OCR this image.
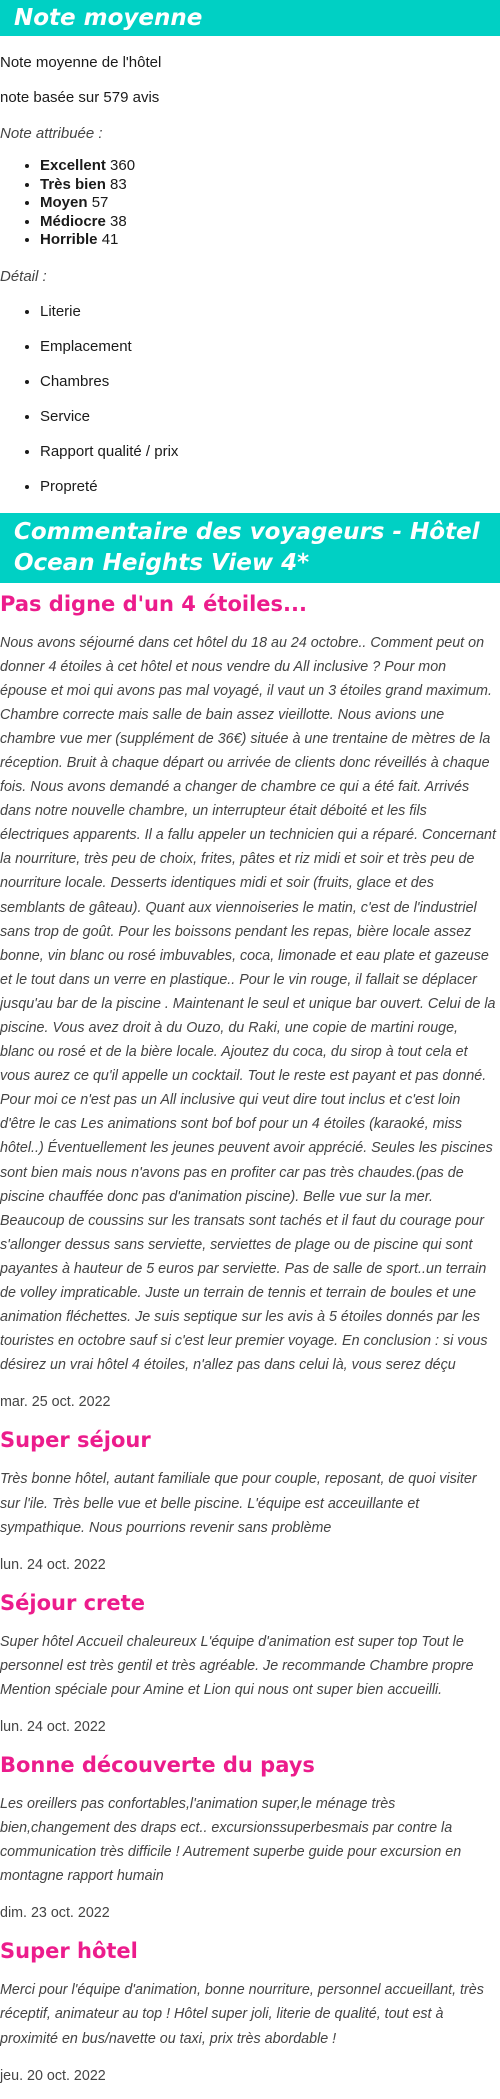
Note moyenne

Note moyenne de l'hôtel

note basée sur 579 avis

Note attribuée :

• Excellent 360
• Très bien 83
• Moyen 57
• Médiocre 38
• Horrible 41

Détail :

• Literie
• Emplacement
• Chambres
• Service
• Rapport qualité / prix
• Propreté
Commentaire des voyageurs - Hôtel Ocean Heights View 4*
Pas digne d'un 4 étoiles...

Nous avons séjourné dans cet hôtel du 18 au 24 octobre.. Comment peut on donner 4 étoiles à cet hôtel et nous vendre du All inclusive ? Pour mon épouse et moi qui avons pas mal voyagé, il vaut un 3 étoiles grand maximum. Chambre correcte mais salle de bain assez vieillotte. Nous avions une chambre vue mer (supplément de 36€) située à une trentaine de mètres de la réception. Bruit à chaque départ ou arrivée de clients donc réveillés à chaque fois. Nous avons demandé a changer de chambre ce qui a été fait. Arrivés dans notre nouvelle chambre, un interrupteur était déboité et les fils électriques apparents. Il a fallu appeler un technicien qui a réparé. Concernant la nourriture, très peu de choix, frites, pâtes et riz midi et soir et très peu de nourriture locale. Desserts identiques midi et soir (fruits, glace et des semblants de gâteau). Quant aux viennoiseries le matin, c'est de l'industriel sans trop de goût. Pour les boissons pendant les repas, bière locale assez bonne, vin blanc ou rosé imbuvables, coca, limonade et eau plate et gazeuse et le tout dans un verre en plastique.. Pour le vin rouge, il fallait se déplacer jusqu'au bar de la piscine . Maintenant le seul et unique bar ouvert. Celui de la piscine. Vous avez droit à du Ouzo, du Raki, une copie de martini rouge, blanc ou rosé et de la bière locale. Ajoutez du coca, du sirop à tout cela et vous aurez ce qu'il appelle un cocktail. Tout le reste est payant et pas donné. Pour moi ce n'est pas un All inclusive qui veut dire tout inclus et c'est loin d'être le cas Les animations sont bof bof pour un 4 étoiles (karaoké, miss hôtel..) Éventuellement les jeunes peuvent avoir apprécié. Seules les piscines sont bien mais nous n'avons pas en profiter car pas très chaudes.(pas de piscine chauffée donc pas d'animation piscine). Belle vue sur la mer. Beaucoup de coussins sur les transats sont tachés et il faut du courage pour s'allonger dessus sans serviette, serviettes de plage ou de piscine qui sont payantes à hauteur de 5 euros par serviette. Pas de salle de sport..un terrain de volley impraticable. Juste un terrain de tennis et terrain de boules et une animation fléchettes. Je suis septique sur les avis à 5 étoiles donnés par les touristes en octobre sauf si c'est leur premier voyage. En conclusion : si vous désirez un vrai hôtel 4 étoiles, n'allez pas dans celui là, vous serez déçu

mar. 25 oct. 2022

Super séjour

Très bonne hôtel, autant familiale que pour couple, reposant, de quoi visiter sur l'ile. Très belle vue et belle piscine. L'équipe est acceuillante et sympathique. Nous pourrions revenir sans problème

lun. 24 oct. 2022

Séjour crete

Super hôtel Accueil chaleureux L'équipe d'animation est super top Tout le personnel est très gentil et très agréable. Je recommande Chambre propre Mention spéciale pour Amine et Lion qui nous ont super bien accueilli.

lun. 24 oct. 2022

Bonne découverte du pays

Les oreillers pas confortables,l'animation super,le ménage très bien,changement des draps ect.. excursionssuperbesmais par contre la communication très difficile ! Autrement superbe guide pour excursion en montagne rapport humain

dim. 23 oct. 2022

Super hôtel

Merci pour l'équipe d'animation, bonne nourriture, personnel accueillant, très réceptif, animateur au top ! Hôtel super joli, literie de qualité, tout est à proximité en bus/navette ou taxi, prix très abordable !

jeu. 20 oct. 2022
